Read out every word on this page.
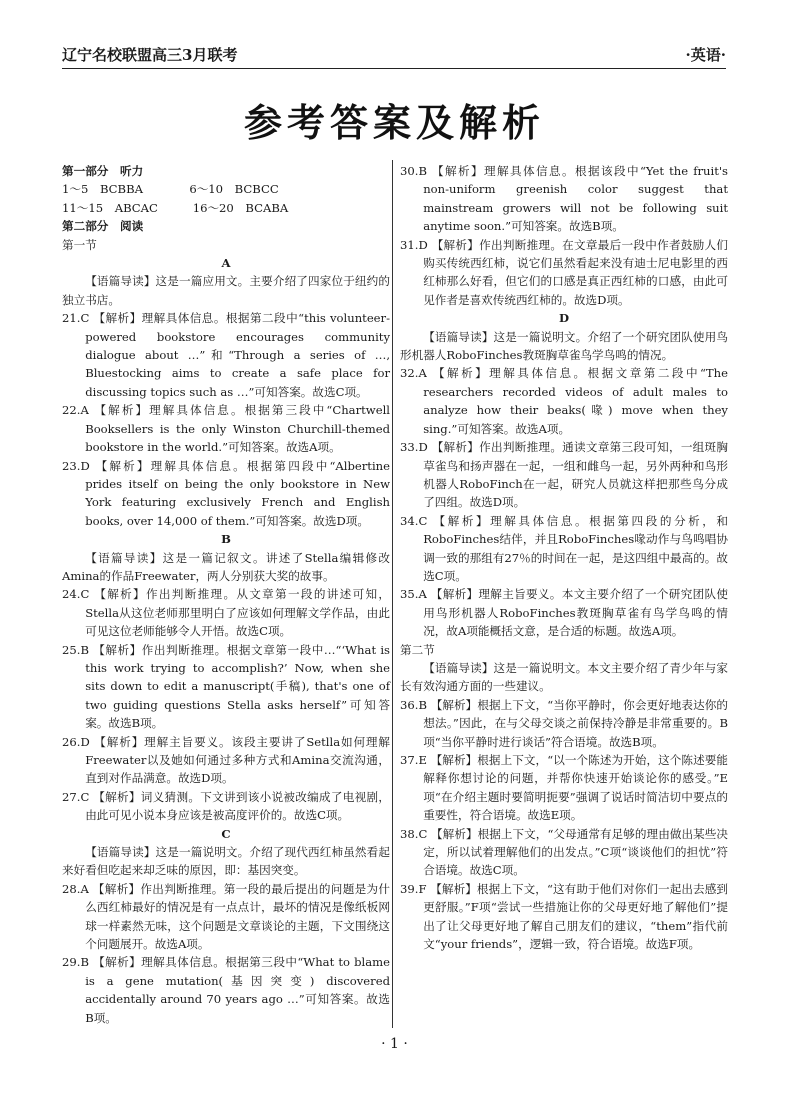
辽宁名校联盟高三3月联考	·英语·
参考答案及解析

第一部分　听力

1～5　BCBBA　　　　6～10　BCBCC

11～15　ABCAC　　　16～20　BCABA

第二部分　阅读

第一节

A

【语篇导读】这是一篇应用文。主要介绍了四家位于纽约的独立书店。

21.C 【解析】理解具体信息。根据第二段中“this volunteer-powered bookstore encourages community dialogue about …”和“Through a series of …, Bluestocking aims to create a safe place for discussing topics such as …”可知答案。故选C项。

22.A 【解析】理解具体信息。根据第三段中“Chartwell Booksellers is the only Winston Churchill-themed bookstore in the world.”可知答案。故选A项。

23.D 【解析】理解具体信息。根据第四段中“Albertine prides itself on being the only bookstore in New York featuring exclusively French and English books, over 14,000 of them.”可知答案。故选D项。

B

【语篇导读】这是一篇记叙文。讲述了Stella编辑修改Amina的作品Freewater，两人分别获大奖的故事。

24.C 【解析】作出判断推理。从文章第一段的讲述可知，Stella从这位老师那里明白了应该如何理解文学作品，由此可见这位老师能够令人开悟。故选C项。

25.B 【解析】作出判断推理。根据文章第一段中…“‘What is this work trying to accomplish?’ Now, when she sits down to edit a manuscript(手稿), that's one of two guiding questions Stella asks herself”可知答案。故选B项。

26.D 【解析】理解主旨要义。该段主要讲了Setlla如何理解Freewater以及她如何通过多种方式和Amina交流沟通，直到对作品满意。故选D项。

27.C 【解析】词义猜测。下文讲到该小说被改编成了电视剧，由此可见小说本身应该是被高度评价的。故选C项。

C

【语篇导读】这是一篇说明文。介绍了现代西红柿虽然看起来好看但吃起来却乏味的原因，即：基因突变。

28.A 【解析】作出判断推理。第一段的最后提出的问题是为什么西红柿最好的情况是有一点点计，最坏的情况是像纸板网球一样素然无味，这个问题是文章谈论的主题，下文围绕这个问题展开。故选A项。

29.B 【解析】理解具体信息。根据第三段中“What to blame is a gene mutation(基因突变) discovered accidentally around 70 years ago …”可知答案。故选B项。

30.B 【解析】理解具体信息。根据该段中“Yet the fruit's non-uniform greenish color suggest that mainstream growers will not be following suit anytime soon.”可知答案。故选B项。

31.D 【解析】作出判断推理。在文章最后一段中作者鼓励人们购买传统西红柿，说它们虽然看起来没有迪士尼电影里的西红柿那么好看，但它们的口感是真正西红柿的口感，由此可见作者是喜欢传统西红柿的。故选D项。

D

【语篇导读】这是一篇说明文。介绍了一个研究团队使用鸟形机器人RoboFinches教斑胸草雀鸟学鸟鸣的情况。

32.A 【解析】理解具体信息。根据文章第二段中“The researchers recorded videos of adult males to analyze how their beaks(喙) move when they sing.”可知答案。故选A项。

33.D 【解析】作出判断推理。通读文章第三段可知，一组斑胸草雀鸟和扬声器在一起，一组和雌鸟一起，另外两种和鸟形机器人RoboFinch在一起，研究人员就这样把那些鸟分成了四组。故选D项。

34.C 【解析】理解具体信息。根据第四段的分析，和RoboFinches结伴，并且RoboFinches喙动作与鸟鸣唱协调一致的那组有27％的时间在一起，是这四组中最高的。故选C项。

35.A 【解析】理解主旨要义。本文主要介绍了一个研究团队使用鸟形机器人RoboFinches教斑胸草雀有鸟学鸟鸣的情况，故A项能概括文意，是合适的标题。故选A项。

第二节

【语篇导读】这是一篇说明文。本文主要介绍了青少年与家长有效沟通方面的一些建议。

36.B 【解析】根据上下文，“当你平静时，你会更好地表达你的想法。”因此，在与父母交谈之前保持冷静是非常重要的。B项“当你平静时进行谈话”符合语境。故选B项。

37.E 【解析】根据上下文，“以一个陈述为开始，这个陈述要能解释你想讨论的问题，并帮你快速开始谈论你的感受。”E项“在介绍主题时要简明扼要”强调了说话时简洁切中要点的重要性，符合语境。故选E项。

38.C 【解析】根据上下文，“父母通常有足够的理由做出某些决定，所以试着理解他们的出发点。”C项“谈谈他们的担忧”符合语境。故选C项。

39.F 【解析】根据上下文，“这有助于他们对你们一起出去感到更舒服。”F项“尝试一些措施让你的父母更好地了解他们”提出了让父母更好地了解自己朋友们的建议，“them”指代前文“your friends”，逻辑一致，符合语境。故选F项。

· 1 ·
